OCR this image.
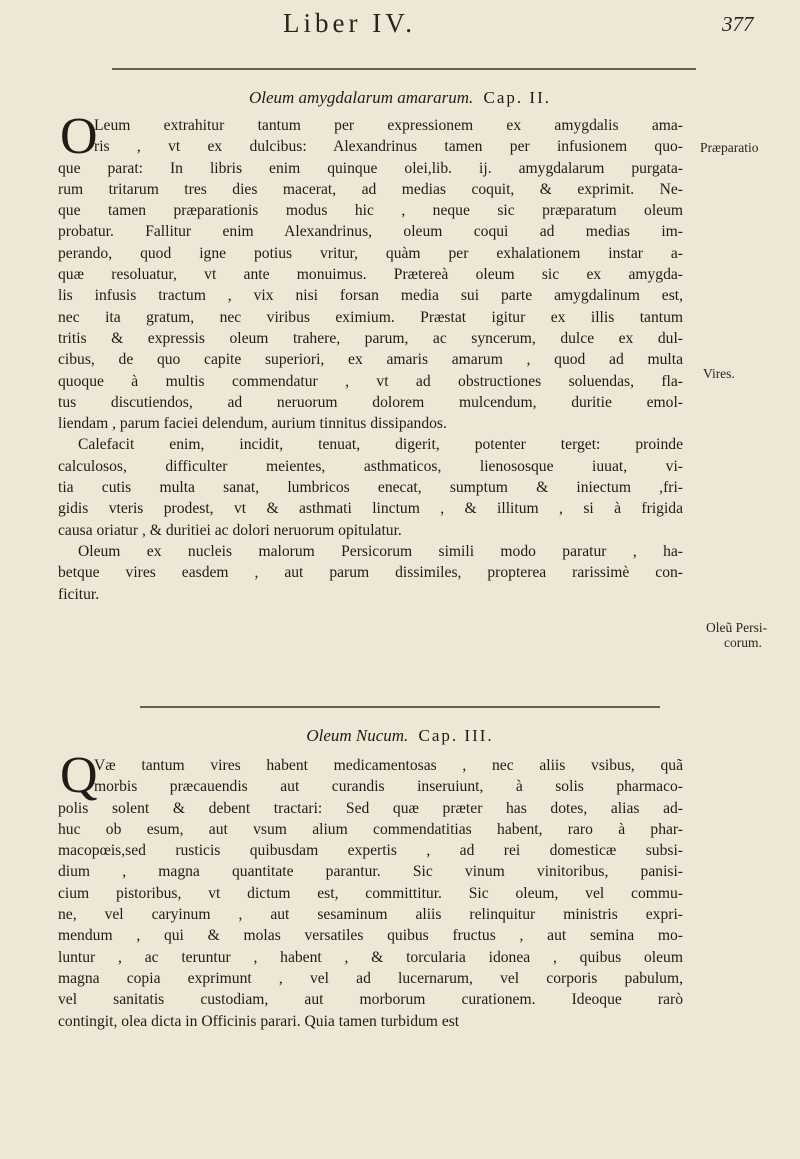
Liber IV.	377
Oleum amygdalarum amararum. Cap. II.
O
Leum extrahitur tantum per expressionem ex amygdalis ama-
ris , vt ex dulcibus: Alexandrinus tamen per infusionem quo-
que parat: In libris enim quinque olei,lib. ij. amygdalarum purgata-
rum tritarum tres dies macerat, ad medias coquit, & exprimit. Ne-
que tamen præparationis modus hic , neque sic præparatum oleum
probatur. Fallitur enim Alexandrinus, oleum coqui ad medias im-
perando, quod igne potius vritur, quàm per exhalationem instar a-
quæ resoluatur, vt ante monuimus. Prætereà oleum sic ex amygda-
lis infusis tractum , vix nisi forsan media sui parte amygdalinum est,
nec ita gratum, nec viribus eximium. Præstat igitur ex illis tantum
tritis & expressis oleum trahere, parum, ac syncerum, dulce ex dul-
cibus, de quo capite superiori, ex amaris amarum , quod ad multa
quoque à multis commendatur , vt ad obstructiones soluendas, fla-
tus discutiendos, ad neruorum dolorem mulcendum, duritie emol-
liendam , parum faciei delendum, aurium tinnitus dissipandos.
Calefacit enim, incidit, tenuat, digerit, potenter terget: proinde
calculosos, difficulter meientes, asthmaticos, lienososque iuuat, vi-
tia cutis multa sanat, lumbricos enecat, sumptum & iniectum ,fri-
gidis vteris prodest, vt & asthmati linctum , & illitum , si à frigida
causa oriatur , & duritiei ac dolori neruorum opitulatur.
Oleum ex nucleis malorum Persicorum simili modo paratur , ha-
betque vires easdem , aut parum dissimiles, propterea rarissimè con-
ficitur.
Præparatio
Vires.
Oleũ Persi-
corum.
Oleum Nucum. Cap. III.
Q
Væ tantum vires habent medicamentosas , nec aliis vsibus, quã
morbis præcauendis aut curandis inseruiunt, à solis pharmaco-
polis solent & debent tractari: Sed quæ præter has dotes, alias ad-
huc ob esum, aut vsum alium commendatitias habent, raro à phar-
macopœis,sed rusticis quibusdam expertis , ad rei domesticæ subsi-
dium , magna quantitate parantur. Sic vinum vinitoribus, panisi-
cium pistoribus, vt dictum est, committitur. Sic oleum, vel commu-
ne, vel caryinum , aut sesaminum aliis relinquitur ministris expri-
mendum , qui & molas versatiles quibus fructus , aut semina mo-
luntur , ac teruntur , habent , & torcularia idonea , quibus oleum
magna copia exprimunt , vel ad lucernarum, vel corporis pabulum,
vel sanitatis custodiam, aut morborum curationem. Ideoque rarò
contingit, olea dicta in Officinis parari. Quia tamen turbidum est
